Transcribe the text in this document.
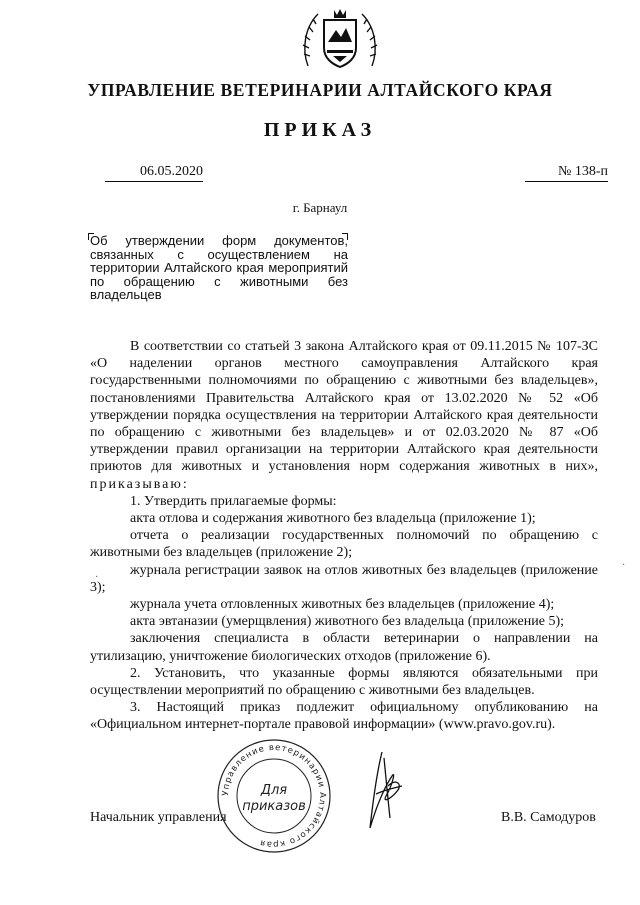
УПРАВЛЕНИЕ ВЕТЕРИНАРИИ АЛТАЙСКОГО КРАЯ
ПРИКАЗ
06.05.2020	№ 138-п
г. Барнаул
Об утверждении форм документов, связанных с осуществлением на территории Алтайского края мероприятий по обращению с животными без владельцев

В соответствии со статьей 3 закона Алтайского края от 09.11.2015 № 107-ЗС «О наделении органов местного самоуправления Алтайского края государственными полномочиями по обращению с животными без владельцев», постановлениями Правительства Алтайского края от 13.02.2020 № 52 «Об утверждении порядка осуществления на территории Алтайского края деятельности по обращению с животными без владельцев» и от 02.03.2020 № 87 «Об утверждении правил организации на территории Алтайского края деятельности приютов для животных и установления норм содержания животных в них», приказываю:

1. Утвердить прилагаемые формы:

акта отлова и содержания животного без владельца (приложение 1);

отчета о реализации государственных полномочий по обращению с животными без владельцев (приложение 2);

журнала регистрации заявок на отлов животных без владельцев (приложение 3);

журнала учета отловленных животных без владельцев (приложение 4);

акта эвтаназии (умерщвления) животного без владельца (приложение 5);

заключения специалиста в области ветеринарии о направлении на утилизацию, уничтожение биологических отходов (приложение 6).

2. Установить, что указанные формы являются обязательными при осуществлении мероприятий по обращению с животными без владельцев.

3. Настоящий приказ подлежит официальному опубликованию на «Официальном интернет-портале правовой информации» (www.pravo.gov.ru).

Начальник управления	В.В. Самодуров
Управление ветеринарии Алтайского края
Для
приказов
·
·
